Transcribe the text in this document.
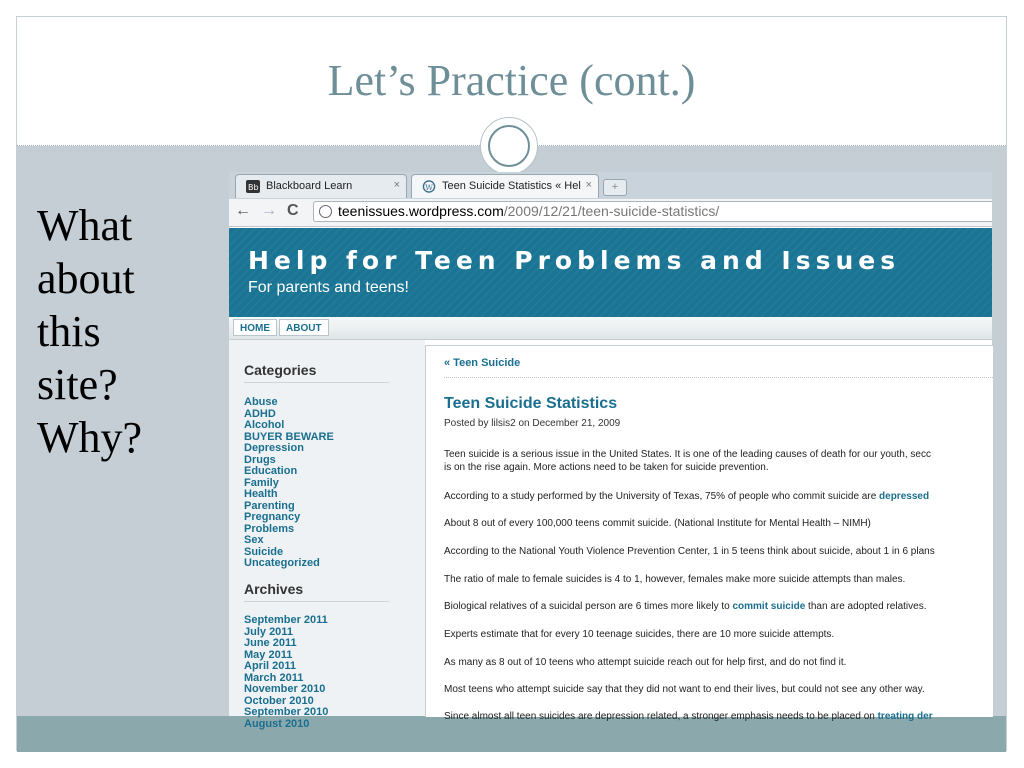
Let’s Practice (cont.)
What
about
this
site?
Why?
Bb Blackboard Learn	×	W Teen Suicide Statistics « Hel ×	+
← → C	teenissues.wordpress.com/2009/12/21/teen-suicide-statistics/
Help for Teen Problems and Issues
For parents and teens!
HOME	ABOUT
Categories
Abuse
ADHD
Alcohol
BUYER BEWARE
Depression
Drugs
Education
Family
Health
Parenting
Pregnancy
Problems
Sex
Suicide
Uncategorized
Archives
September 2011
July 2011
June 2011
May 2011
April 2011
March 2011
November 2010
October 2010
September 2010
August 2010
« Teen Suicide
Teen Suicide Statistics
Posted by lilsis2 on December 21, 2009
Teen suicide is a serious issue in the United States. It is one of the leading causes of death for our youth, secc
is on the rise again. More actions need to be taken for suicide prevention.
According to a study performed by the University of Texas, 75% of people who commit suicide are depressed
About 8 out of every 100,000 teens commit suicide. (National Institute for Mental Health – NIMH)
According to the National Youth Violence Prevention Center, 1 in 5 teens think about suicide, about 1 in 6 plans
The ratio of male to female suicides is 4 to 1, however, females make more suicide attempts than males.
Biological relatives of a suicidal person are 6 times more likely to commit suicide than are adopted relatives.
Experts estimate that for every 10 teenage suicides, there are 10 more suicide attempts.
As many as 8 out of 10 teens who attempt suicide reach out for help first, and do not find it.
Most teens who attempt suicide say that they did not want to end their lives, but could not see any other way.
Since almost all teen suicides are depression related, a stronger emphasis needs to be placed on treating der
